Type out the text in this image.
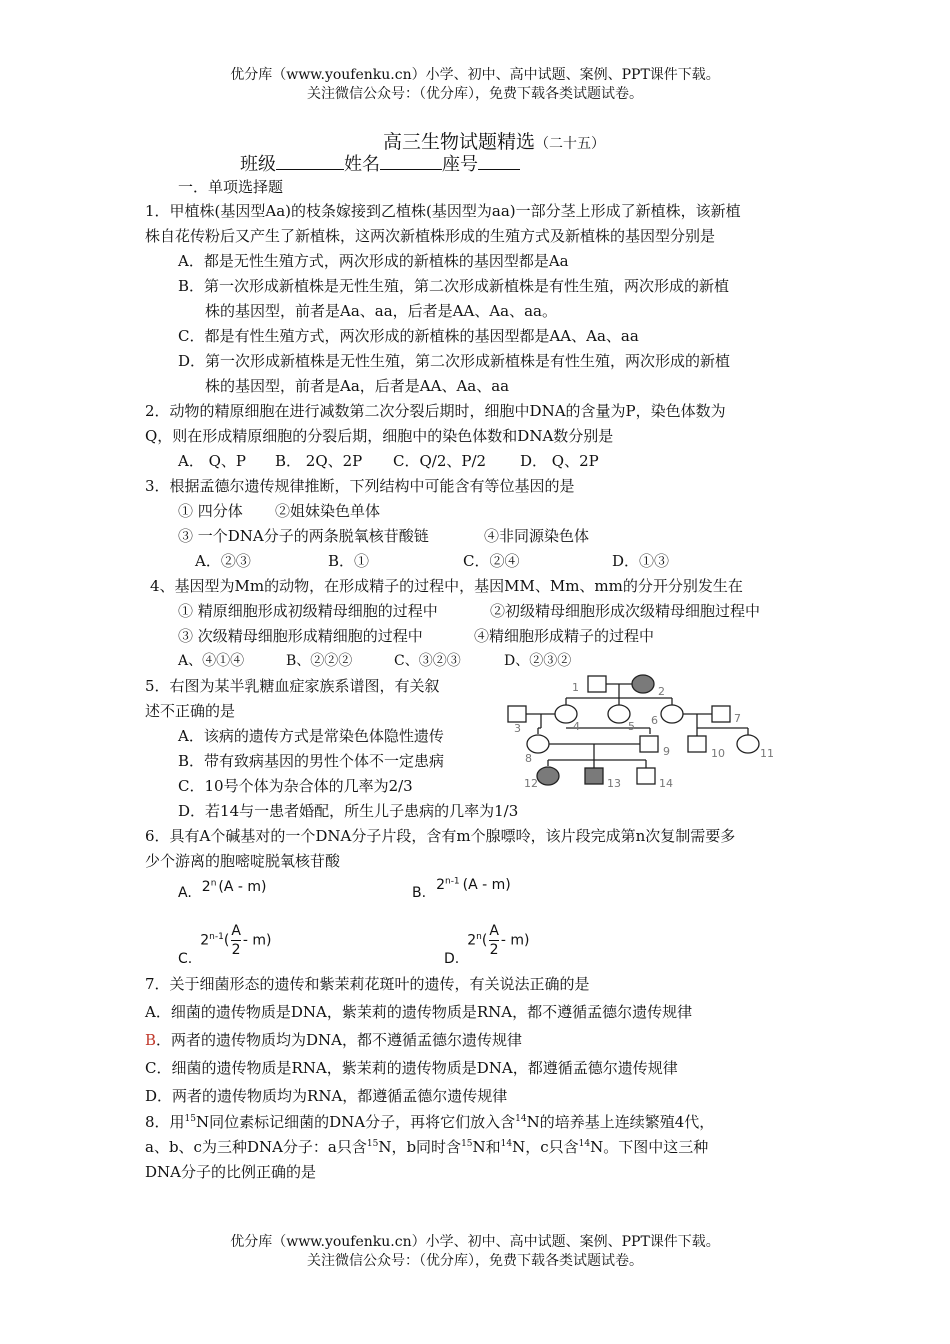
优分库（www.youfenku.cn）小学、初中、高中试题、案例、PPT课件下载。
关注微信公众号：（优分库），免费下载各类试题试卷。
高三生物试题精选（二十五）
班级	姓名	座号
一．单项选择题
1．甲植株(基因型Aa)的枝条嫁接到乙植株(基因型为aa)一部分茎上形成了新植株，该新植
株自花传粉后又产生了新植株，这两次新植株形成的生殖方式及新植株的基因型分别是
A．都是无性生殖方式，两次形成的新植株的基因型都是Aa
B．第一次形成新植株是无性生殖，第二次形成新植株是有性生殖，两次形成的新植
株的基因型，前者是Aa、aa，后者是AA、Aa、aa。
C．都是有性生殖方式，两次形成的新植株的基因型都是AA、Aa、aa
D．第一次形成新植株是无性生殖，第二次形成新植株是有性生殖，两次形成的新植
株的基因型，前者是Aa，后者是AA、Aa、aa
2．动物的精原细胞在进行减数第二次分裂后期时，细胞中DNA的含量为P，染色体数为
Q，则在形成精原细胞的分裂后期，细胞中的染色体数和DNA数分别是
A． Q、P B． 2Q、2P C．Q/2、P/2 D． Q、2P
3．根据孟德尔遗传规律推断，下列结构中可能含有等位基因的是
① 四分体 ②姐妹染色单体
③ 一个DNA分子的两条脱氧核苷酸链	④非同源染色体
A．②③	B．①	C．②④	D．①③
4、基因型为Mm的动物，在形成精子的过程中，基因MM、Mm、mm的分开分别发生在
① 精原细胞形成初级精母细胞的过程中	②初级精母细胞形成次级精母细胞过程中
③ 次级精母细胞形成精细胞的过程中	④精细胞形成精子的过程中
A、④①④	B、②②②	C、③②③	D、②③②
5．右图为某半乳糖血症家族系谱图，有关叙
述不正确的是
A．该病的遗传方式是常染色体隐性遗传
B．带有致病基因的男性个体不一定患病
C．10号个体为杂合体的几率为2/3
D．若14与一患者婚配，所生儿子患病的几率为1/3
1	2
3	4	5 6	7
8
9	10	11
12	13	14
6．具有A个碱基对的一个DNA分子片段，含有m个腺嘌呤，该片段完成第n次复制需要多
少个游离的胞嘧啶脱氧核苷酸
A. 2$^n$ (A - m)	B. 2$^{n-1}$ (A - m)
$C.2^{n-1}( \frac{A}{2} - m)$
$D.2^n( \frac{A}{2} - m)$
7．关于细菌形态的遗传和紫茉莉花斑叶的遗传，有关说法正确的是
A．细菌的遗传物质是DNA，紫茉莉的遗传物质是RNA，都不遵循孟德尔遗传规律
B．两者的遗传物质均为DNA，都不遵循孟德尔遗传规律
C．细菌的遗传物质是RNA，紫茉莉的遗传物质是DNA，都遵循孟德尔遗传规律
D．两者的遗传物质均为RNA，都遵循孟德尔遗传规律
8．用$^{15}$N同位素标记细菌的DNA分子，再将它们放入含$^{14}$N的培养基上连续繁殖4代，
a、b、c为三种DNA分子：a只含$^{15}$N，b同时含$^{15}$N和$^{14}$N，c只含$^{14}$N。下图中这三种
DNA分子的比例正确的是
优分库（www.youfenku.cn）小学、初中、高中试题、案例、PPT课件下载。
关注微信公众号：（优分库），免费下载各类试题试卷。
